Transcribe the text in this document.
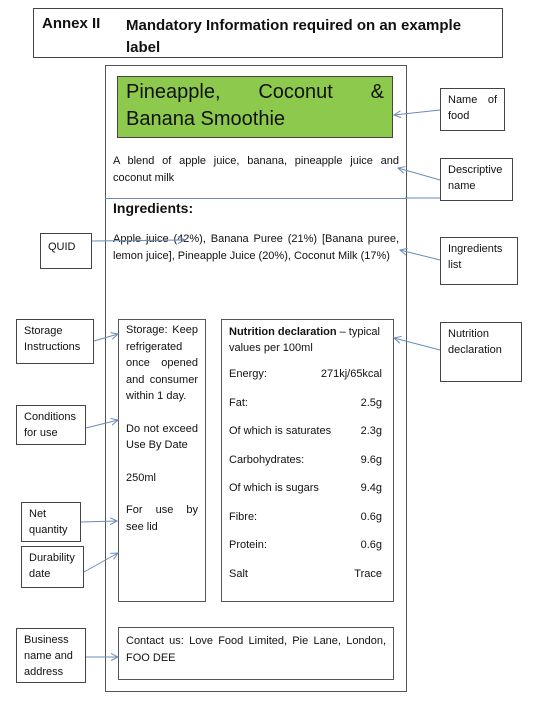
Annex II Mandatory Information required on an example label
Pineapple, Coconut & Banana Smoothie
A blend of apple juice, banana, pineapple juice and coconut milk
Ingredients:
Apple juice (42%), Banana Puree (21%) [Banana puree, lemon juice], Pineapple Juice (20%), Coconut Milk (17%)

Storage: Keep refrigerated once opened and consumer within 1 day.

Do not exceed Use By Date

250ml

For use by see lid

Nutrition declaration – typical values per 100ml
Energy:	271kj/65kcal
Fat:	2.5g
Of which is saturates	2.3g
Carbohydrates:	9.6g
Of which is sugars	9.4g
Fibre:	0.6g
Protein:	0.6g
Salt	Trace
Contact us: Love Food Limited, Pie Lane, London, FOO DEE
Name of food
Descriptive name
Ingredients list
Nutrition declaration
QUID
Storage Instructions
Conditions for use
Net quantity
Durability date
Business name and address
